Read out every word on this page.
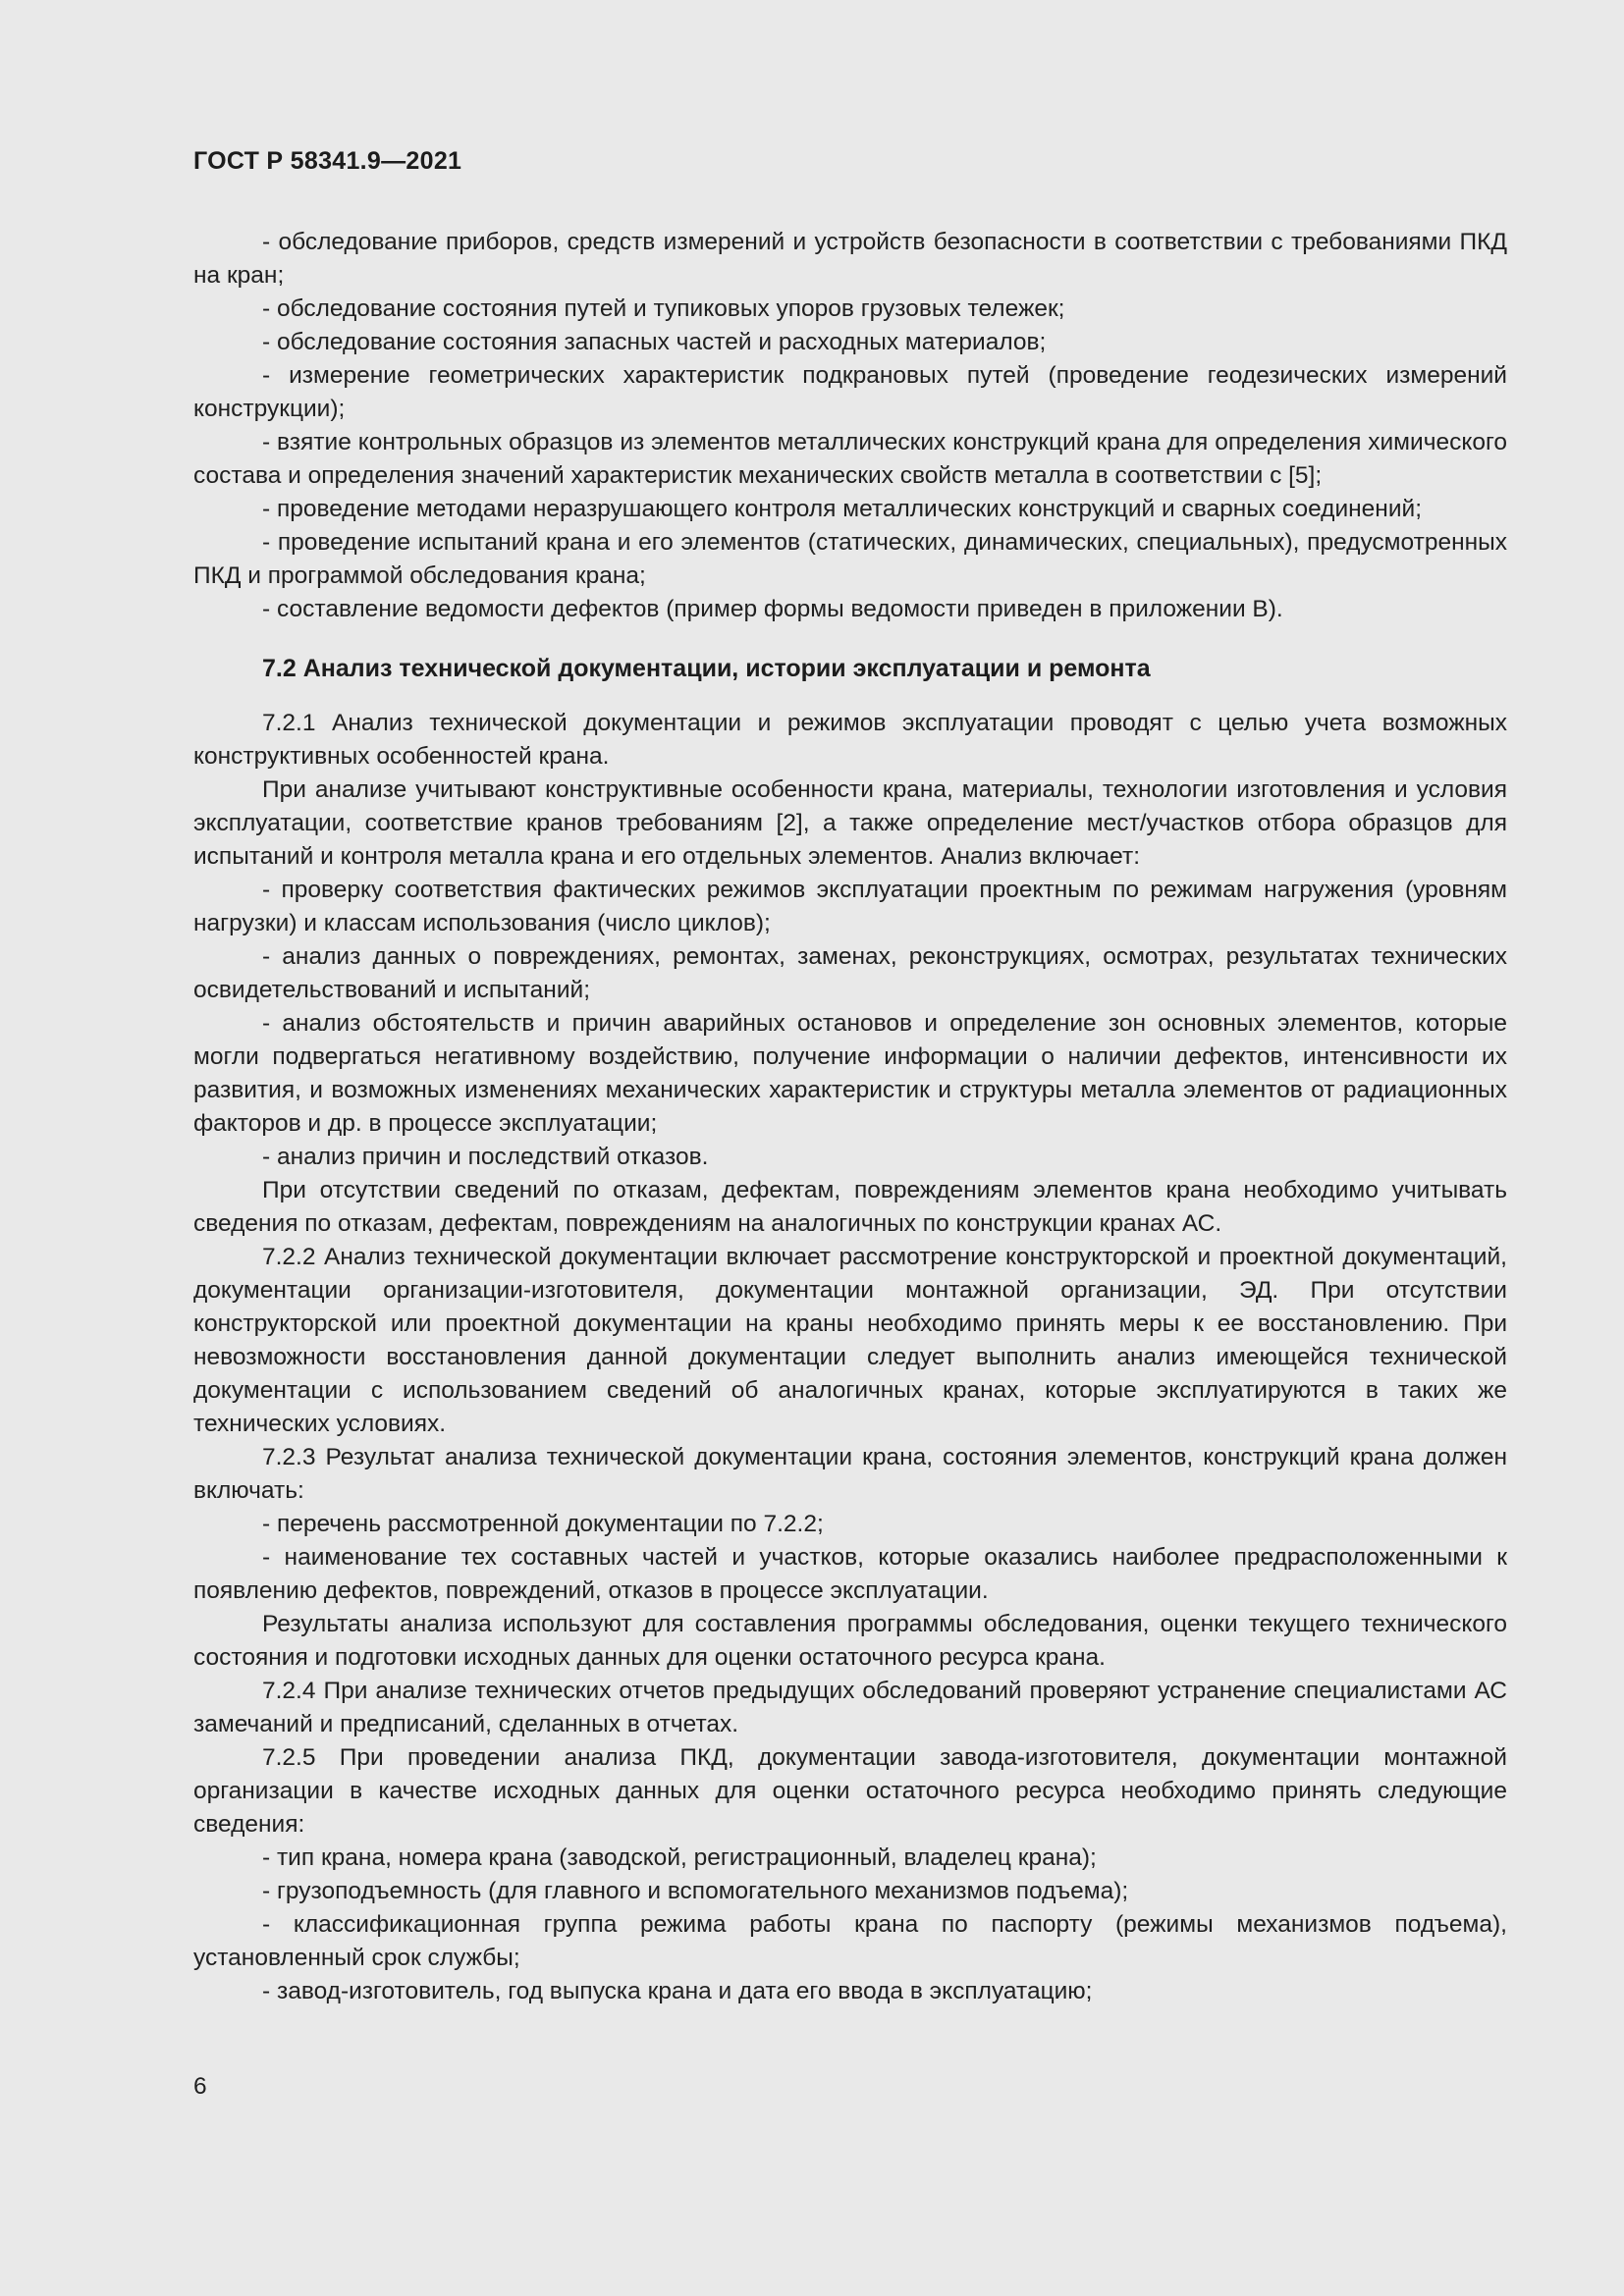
ГОСТ Р 58341.9—2021

- обследование приборов, средств измерений и устройств безопасности в соответствии с требованиями ПКД на кран;

- обследование состояния путей и тупиковых упоров грузовых тележек;

- обследование состояния запасных частей и расходных материалов;

- измерение геометрических характеристик подкрановых путей (проведение геодезических измерений конструкции);

- взятие контрольных образцов из элементов металлических конструкций крана для определения химического состава и определения значений характеристик механических свойств металла в соответствии с [5];

- проведение методами неразрушающего контроля металлических конструкций и сварных соединений;

- проведение испытаний крана и его элементов (статических, динамических, специальных), предусмотренных ПКД и программой обследования крана;

- составление ведомости дефектов (пример формы ведомости приведен в приложении В).

7.2 Анализ технической документации, истории эксплуатации и ремонта

7.2.1 Анализ технической документации и режимов эксплуатации проводят с целью учета возможных конструктивных особенностей крана.

При анализе учитывают конструктивные особенности крана, материалы, технологии изготовления и условия эксплуатации, соответствие кранов требованиям [2], а также определение мест/участков отбора образцов для испытаний и контроля металла крана и его отдельных элементов. Анализ включает:

- проверку соответствия фактических режимов эксплуатации проектным по режимам нагружения (уровням нагрузки) и классам использования (число циклов);

- анализ данных о повреждениях, ремонтах, заменах, реконструкциях, осмотрах, результатах технических освидетельствований и испытаний;

- анализ обстоятельств и причин аварийных остановов и определение зон основных элементов, которые могли подвергаться негативному воздействию, получение информации о наличии дефектов, интенсивности их развития, и возможных изменениях механических характеристик и структуры металла элементов от радиационных факторов и др. в процессе эксплуатации;

- анализ причин и последствий отказов.

При отсутствии сведений по отказам, дефектам, повреждениям элементов крана необходимо учитывать сведения по отказам, дефектам, повреждениям на аналогичных по конструкции кранах АС.

7.2.2 Анализ технической документации включает рассмотрение конструкторской и проектной документаций, документации организации-изготовителя, документации монтажной организации, ЭД. При отсутствии конструкторской или проектной документации на краны необходимо принять меры к ее восстановлению. При невозможности восстановления данной документации следует выполнить анализ имеющейся технической документации с использованием сведений об аналогичных кранах, которые эксплуатируются в таких же технических условиях.

7.2.3 Результат анализа технической документации крана, состояния элементов, конструкций крана должен включать:

- перечень рассмотренной документации по 7.2.2;

- наименование тех составных частей и участков, которые оказались наиболее предрасположенными к появлению дефектов, повреждений, отказов в процессе эксплуатации.

Результаты анализа используют для составления программы обследования, оценки текущего технического состояния и подготовки исходных данных для оценки остаточного ресурса крана.

7.2.4 При анализе технических отчетов предыдущих обследований проверяют устранение специалистами АС замечаний и предписаний, сделанных в отчетах.

7.2.5 При проведении анализа ПКД, документации завода-изготовителя, документации монтажной организации в качестве исходных данных для оценки остаточного ресурса необходимо принять следующие сведения:

- тип крана, номера крана (заводской, регистрационный, владелец крана);

- грузоподъемность (для главного и вспомогательного механизмов подъема);

- классификационная группа режима работы крана по паспорту (режимы механизмов подъема), установленный срок службы;

- завод-изготовитель, год выпуска крана и дата его ввода в эксплуатацию;

6
